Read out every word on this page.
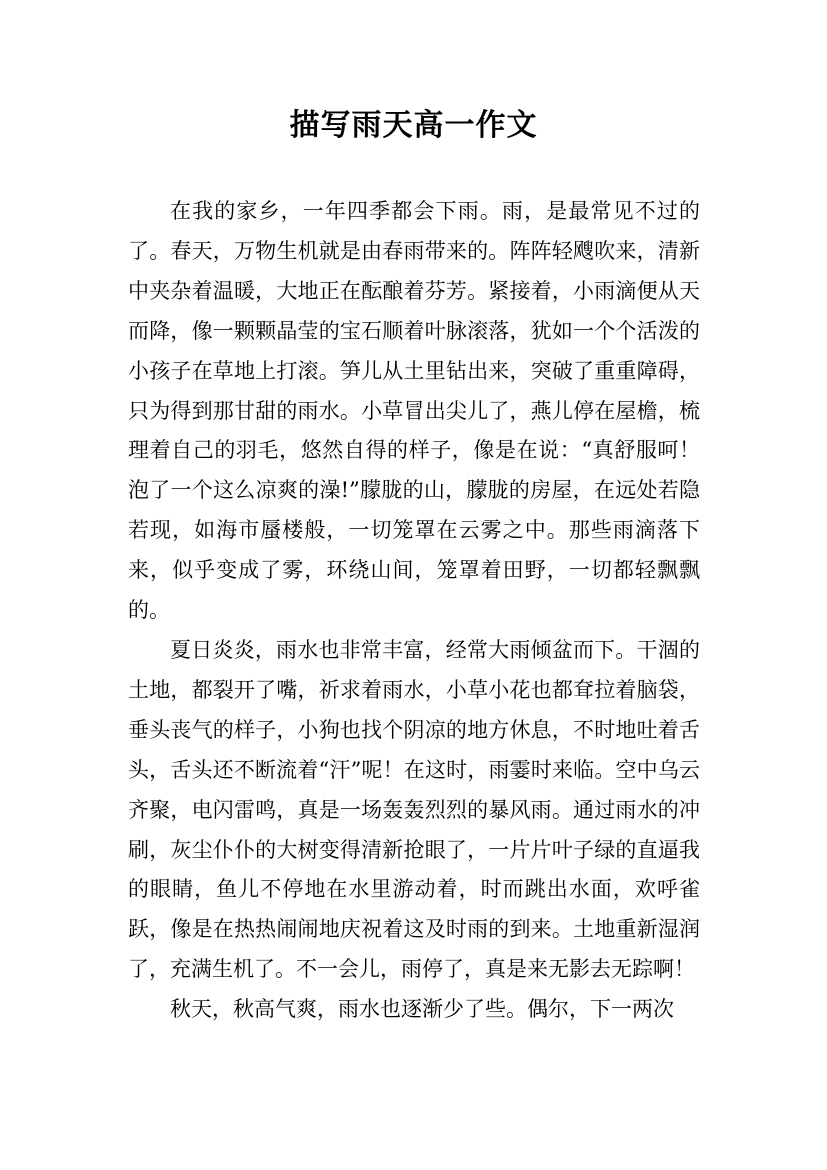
描写雨天高一作文

在我的家乡，一年四季都会下雨。雨，是最常见不过的了。春天，万物生机就是由春雨带来的。阵阵轻飕吹来，清新中夹杂着温暖，大地正在酝酿着芬芳。紧接着，小雨滴便从天而降，像一颗颗晶莹的宝石顺着叶脉滚落，犹如一个个活泼的小孩子在草地上打滚。笋儿从土里钻出来，突破了重重障碍，只为得到那甘甜的雨水。小草冒出尖儿了，燕儿停在屋檐，梳理着自己的羽毛，悠然自得的样子，像是在说：“真舒服呵！泡了一个这么凉爽的澡!”朦胧的山，朦胧的房屋，在远处若隐若现，如海市蜃楼般，一切笼罩在云雾之中。那些雨滴落下来，似乎变成了雾，环绕山间，笼罩着田野，一切都轻飘飘的。

夏日炎炎，雨水也非常丰富，经常大雨倾盆而下。干涸的土地，都裂开了嘴，祈求着雨水，小草小花也都耷拉着脑袋，垂头丧气的样子，小狗也找个阴凉的地方休息，不时地吐着舌头，舌头还不断流着“汗”呢！在这时，雨霎时来临。空中乌云齐聚，电闪雷鸣，真是一场轰轰烈烈的暴风雨。通过雨水的冲刷，灰尘仆仆的大树变得清新抢眼了，一片片叶子绿的直逼我的眼睛，鱼儿不停地在水里游动着，时而跳出水面，欢呼雀跃，像是在热热闹闹地庆祝着这及时雨的到来。土地重新湿润了，充满生机了。不一会儿，雨停了，真是来无影去无踪啊！

秋天，秋高气爽，雨水也逐渐少了些。偶尔，下一两次
